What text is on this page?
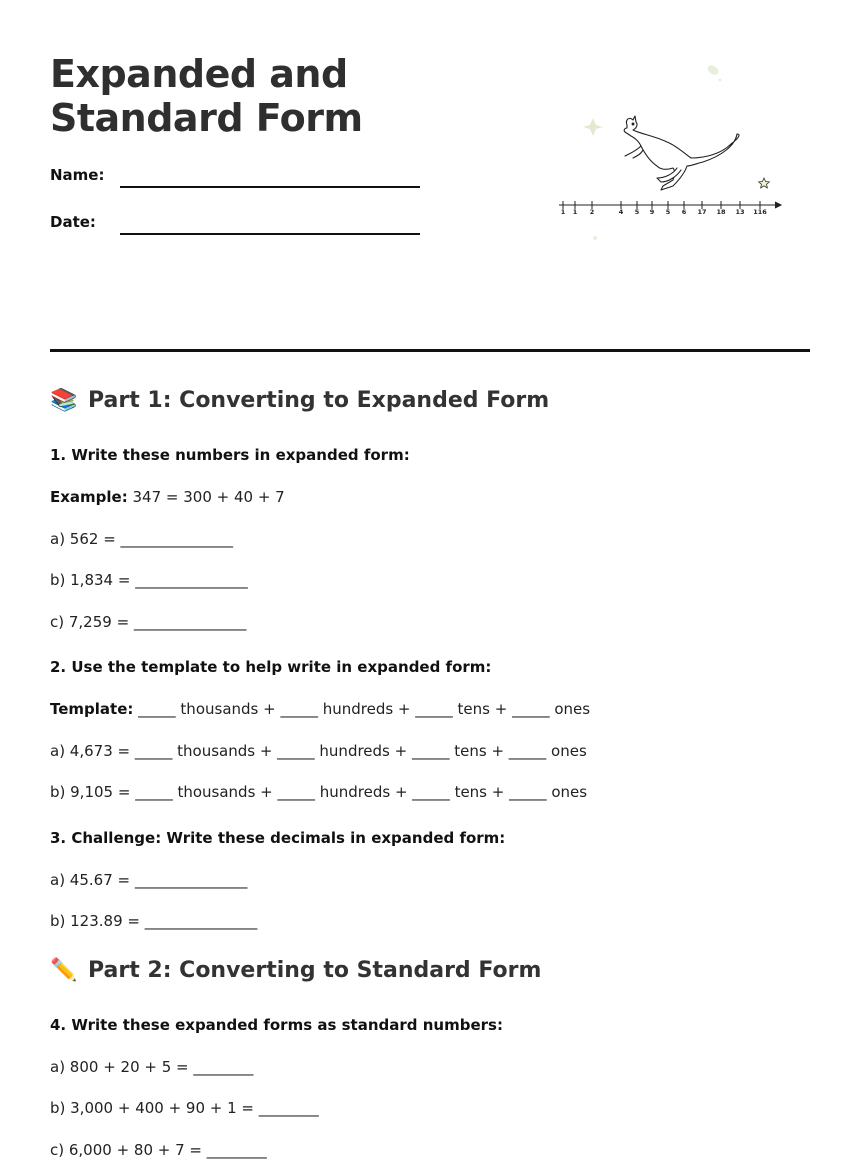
Expanded and Standard Form
Name:
Date:
1 1 2	4 5 9 5 6 17 18 13 116
📚 Part 1: Converting to Expanded Form
1. Write these numbers in expanded form:
Example: 347 = 300 + 40 + 7
a) 562 = _______________
b) 1,834 = _______________
c) 7,259 = _______________
2. Use the template to help write in expanded form:
Template: _____ thousands + _____ hundreds + _____ tens + _____ ones
a) 4,673 = _____ thousands + _____ hundreds + _____ tens + _____ ones
b) 9,105 = _____ thousands + _____ hundreds + _____ tens + _____ ones
3. Challenge: Write these decimals in expanded form:
a) 45.67 = _______________
b) 123.89 = _______________
✏️ Part 2: Converting to Standard Form
4. Write these expanded forms as standard numbers:
a) 800 + 20 + 5 = ________
b) 3,000 + 400 + 90 + 1 = ________
c) 6,000 + 80 + 7 = ________
